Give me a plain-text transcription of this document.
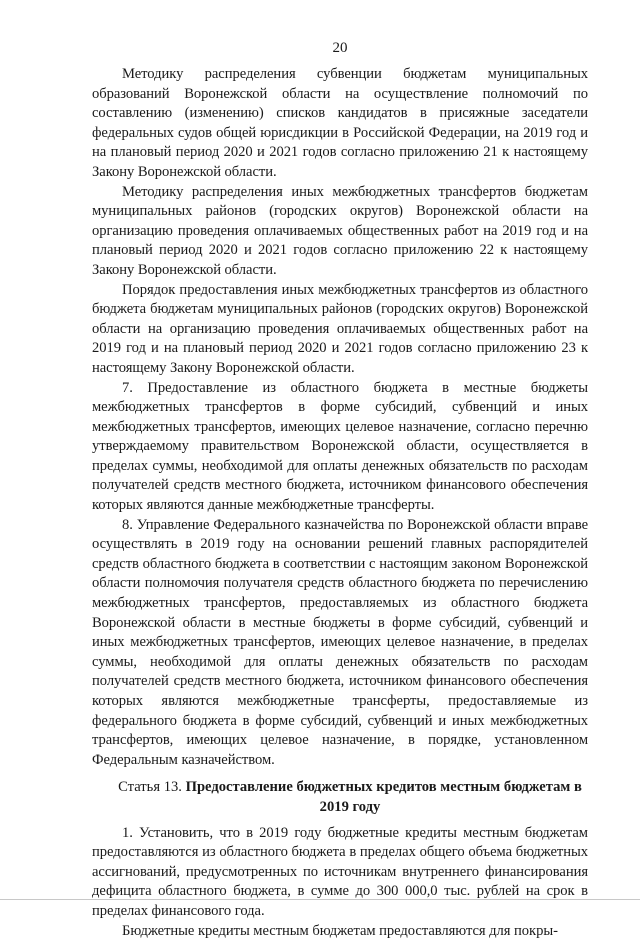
20

Методику распределения субвенции бюджетам муниципальных образований Воронежской области на осуществление полномочий по составлению (изменению) списков кандидатов в присяжные заседатели федеральных судов общей юрисдикции в Российской Федерации, на 2019 год и на плановый период 2020 и 2021 годов согласно приложению 21 к настоящему Закону Воронежской области.

Методику распределения иных межбюджетных трансфертов бюджетам муниципальных районов (городских округов) Воронежской области на организацию проведения оплачиваемых общественных работ на 2019 год и на плановый период 2020 и 2021 годов согласно приложению 22 к настоящему Закону Воронежской области.

Порядок предоставления иных межбюджетных трансфертов из областного бюджета бюджетам муниципальных районов (городских округов) Воронежской области на организацию проведения оплачиваемых общественных работ на 2019 год и на плановый период 2020 и 2021 годов согласно приложению 23 к настоящему Закону Воронежской области.

7. Предоставление из областного бюджета в местные бюджеты межбюджетных трансфертов в форме субсидий, субвенций и иных межбюджетных трансфертов, имеющих целевое назначение, согласно перечню утверждаемому правительством Воронежской области, осуществляется в пределах суммы, необходимой для оплаты денежных обязательств по расходам получателей средств местного бюджета, источником финансового обеспечения которых являются данные межбюджетные трансферты.

8. Управление Федерального казначейства по Воронежской области вправе осуществлять в 2019 году на основании решений главных распорядителей средств областного бюджета в соответствии с настоящим законом Воронежской области полномочия получателя средств областного бюджета по перечислению межбюджетных трансфертов, предоставляемых из областного бюджета Воронежской области в местные бюджеты в форме субсидий, субвенций и иных межбюджетных трансфертов, имеющих целевое назначение, в пределах суммы, необходимой для оплаты денежных обязательств по расходам получателей средств местного бюджета, источником финансового обеспечения которых являются межбюджетные трансферты, предоставляемые из федерального бюджета в форме субсидий, субвенций и иных межбюджетных трансфертов, имеющих целевое назначение, в порядке, установленном Федеральным казначейством.

Статья 13. Предоставление бюджетных кредитов местным бюджетам в 2019 году

1. Установить, что в 2019 году бюджетные кредиты местным бюджетам предоставляются из областного бюджета в пределах общего объема бюджетных ассигнований, предусмотренных по источникам внутреннего финансирования дефицита областного бюджета, в сумме до 300 000,0 тыс. рублей на срок в пределах финансового года.

Бюджетные кредиты местным бюджетам предоставляются для покры-
